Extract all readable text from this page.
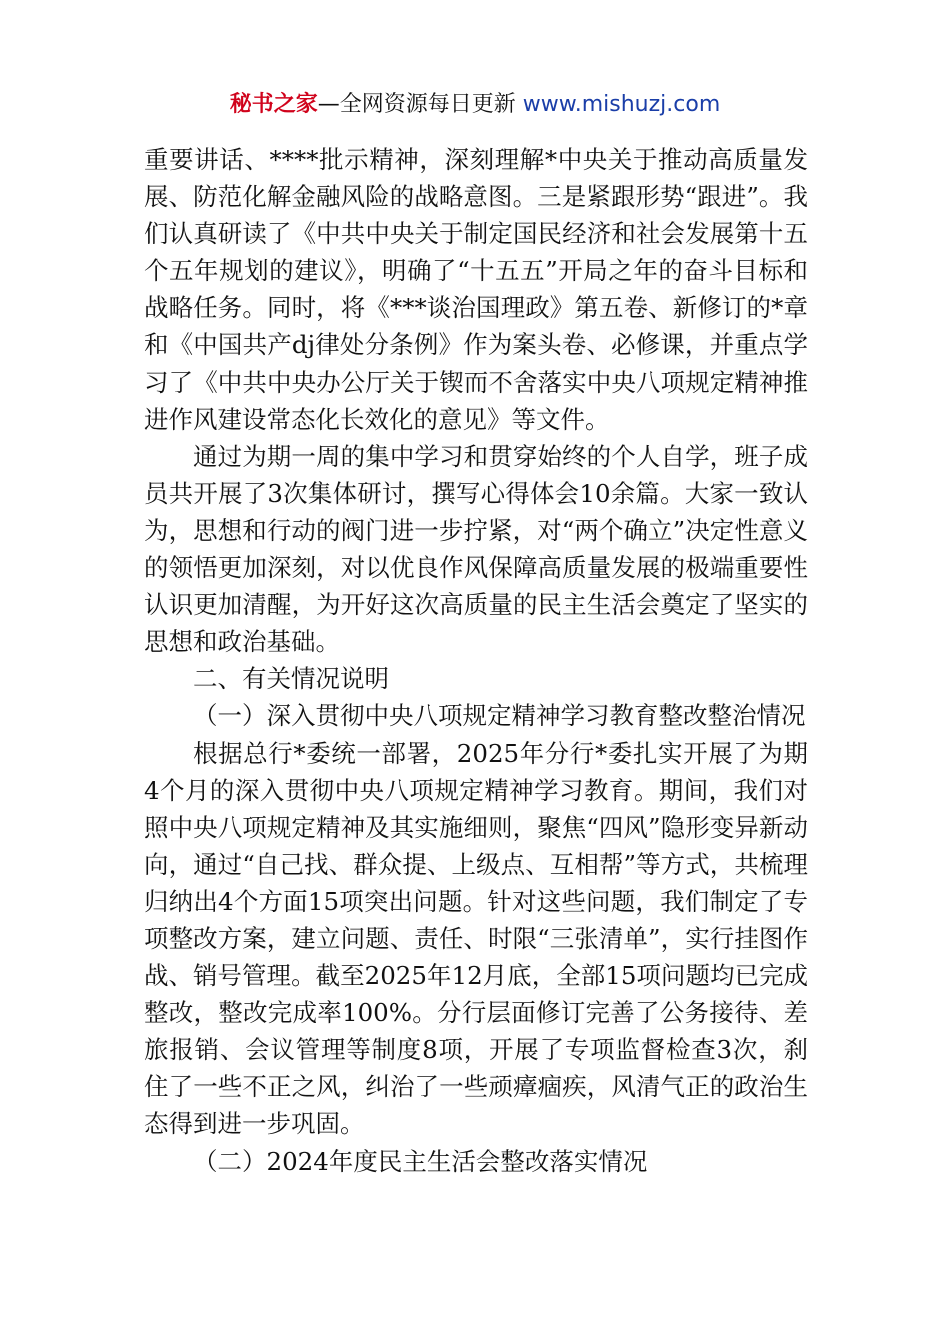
秘书之家—全网资源每日更新 www.mishuzj.com

重要讲话、****批示精神，深刻理解*中央关于推动高质量发展、防范化解金融风险的战略意图。三是紧跟形势“跟进”。我们认真研读了《中共中央关于制定国民经济和社会发展第十五个五年规划的建议》，明确了“十五五”开局之年的奋斗目标和战略任务。同时，将《***谈治国理政》第五卷、新修订的*章和《中国共产dj律处分条例》作为案头卷、必修课，并重点学习了《中共中央办公厅关于锲而不舍落实中央八项规定精神推进作风建设常态化长效化的意见》等文件。

通过为期一周的集中学习和贯穿始终的个人自学，班子成员共开展了3次集体研讨，撰写心得体会10余篇。大家一致认为，思想和行动的阀门进一步拧紧，对“两个确立”决定性意义的领悟更加深刻，对以优良作风保障高质量发展的极端重要性认识更加清醒，为开好这次高质量的民主生活会奠定了坚实的思想和政治基础。

二、有关情况说明

（一）深入贯彻中央八项规定精神学习教育整改整治情况

根据总行*委统一部署，2025年分行*委扎实开展了为期4个月的深入贯彻中央八项规定精神学习教育。期间，我们对照中央八项规定精神及其实施细则，聚焦“四风”隐形变异新动向，通过“自己找、群众提、上级点、互相帮”等方式，共梳理归纳出4个方面15项突出问题。针对这些问题，我们制定了专项整改方案，建立问题、责任、时限“三张清单”，实行挂图作战、销号管理。截至2025年12月底，全部15项问题均已完成整改，整改完成率100%。分行层面修订完善了公务接待、差旅报销、会议管理等制度8项，开展了专项监督检查3次，刹住了一些不正之风，纠治了一些顽瘴痼疾，风清气正的政治生态得到进一步巩固。

（二）2024年度民主生活会整改落实情况
